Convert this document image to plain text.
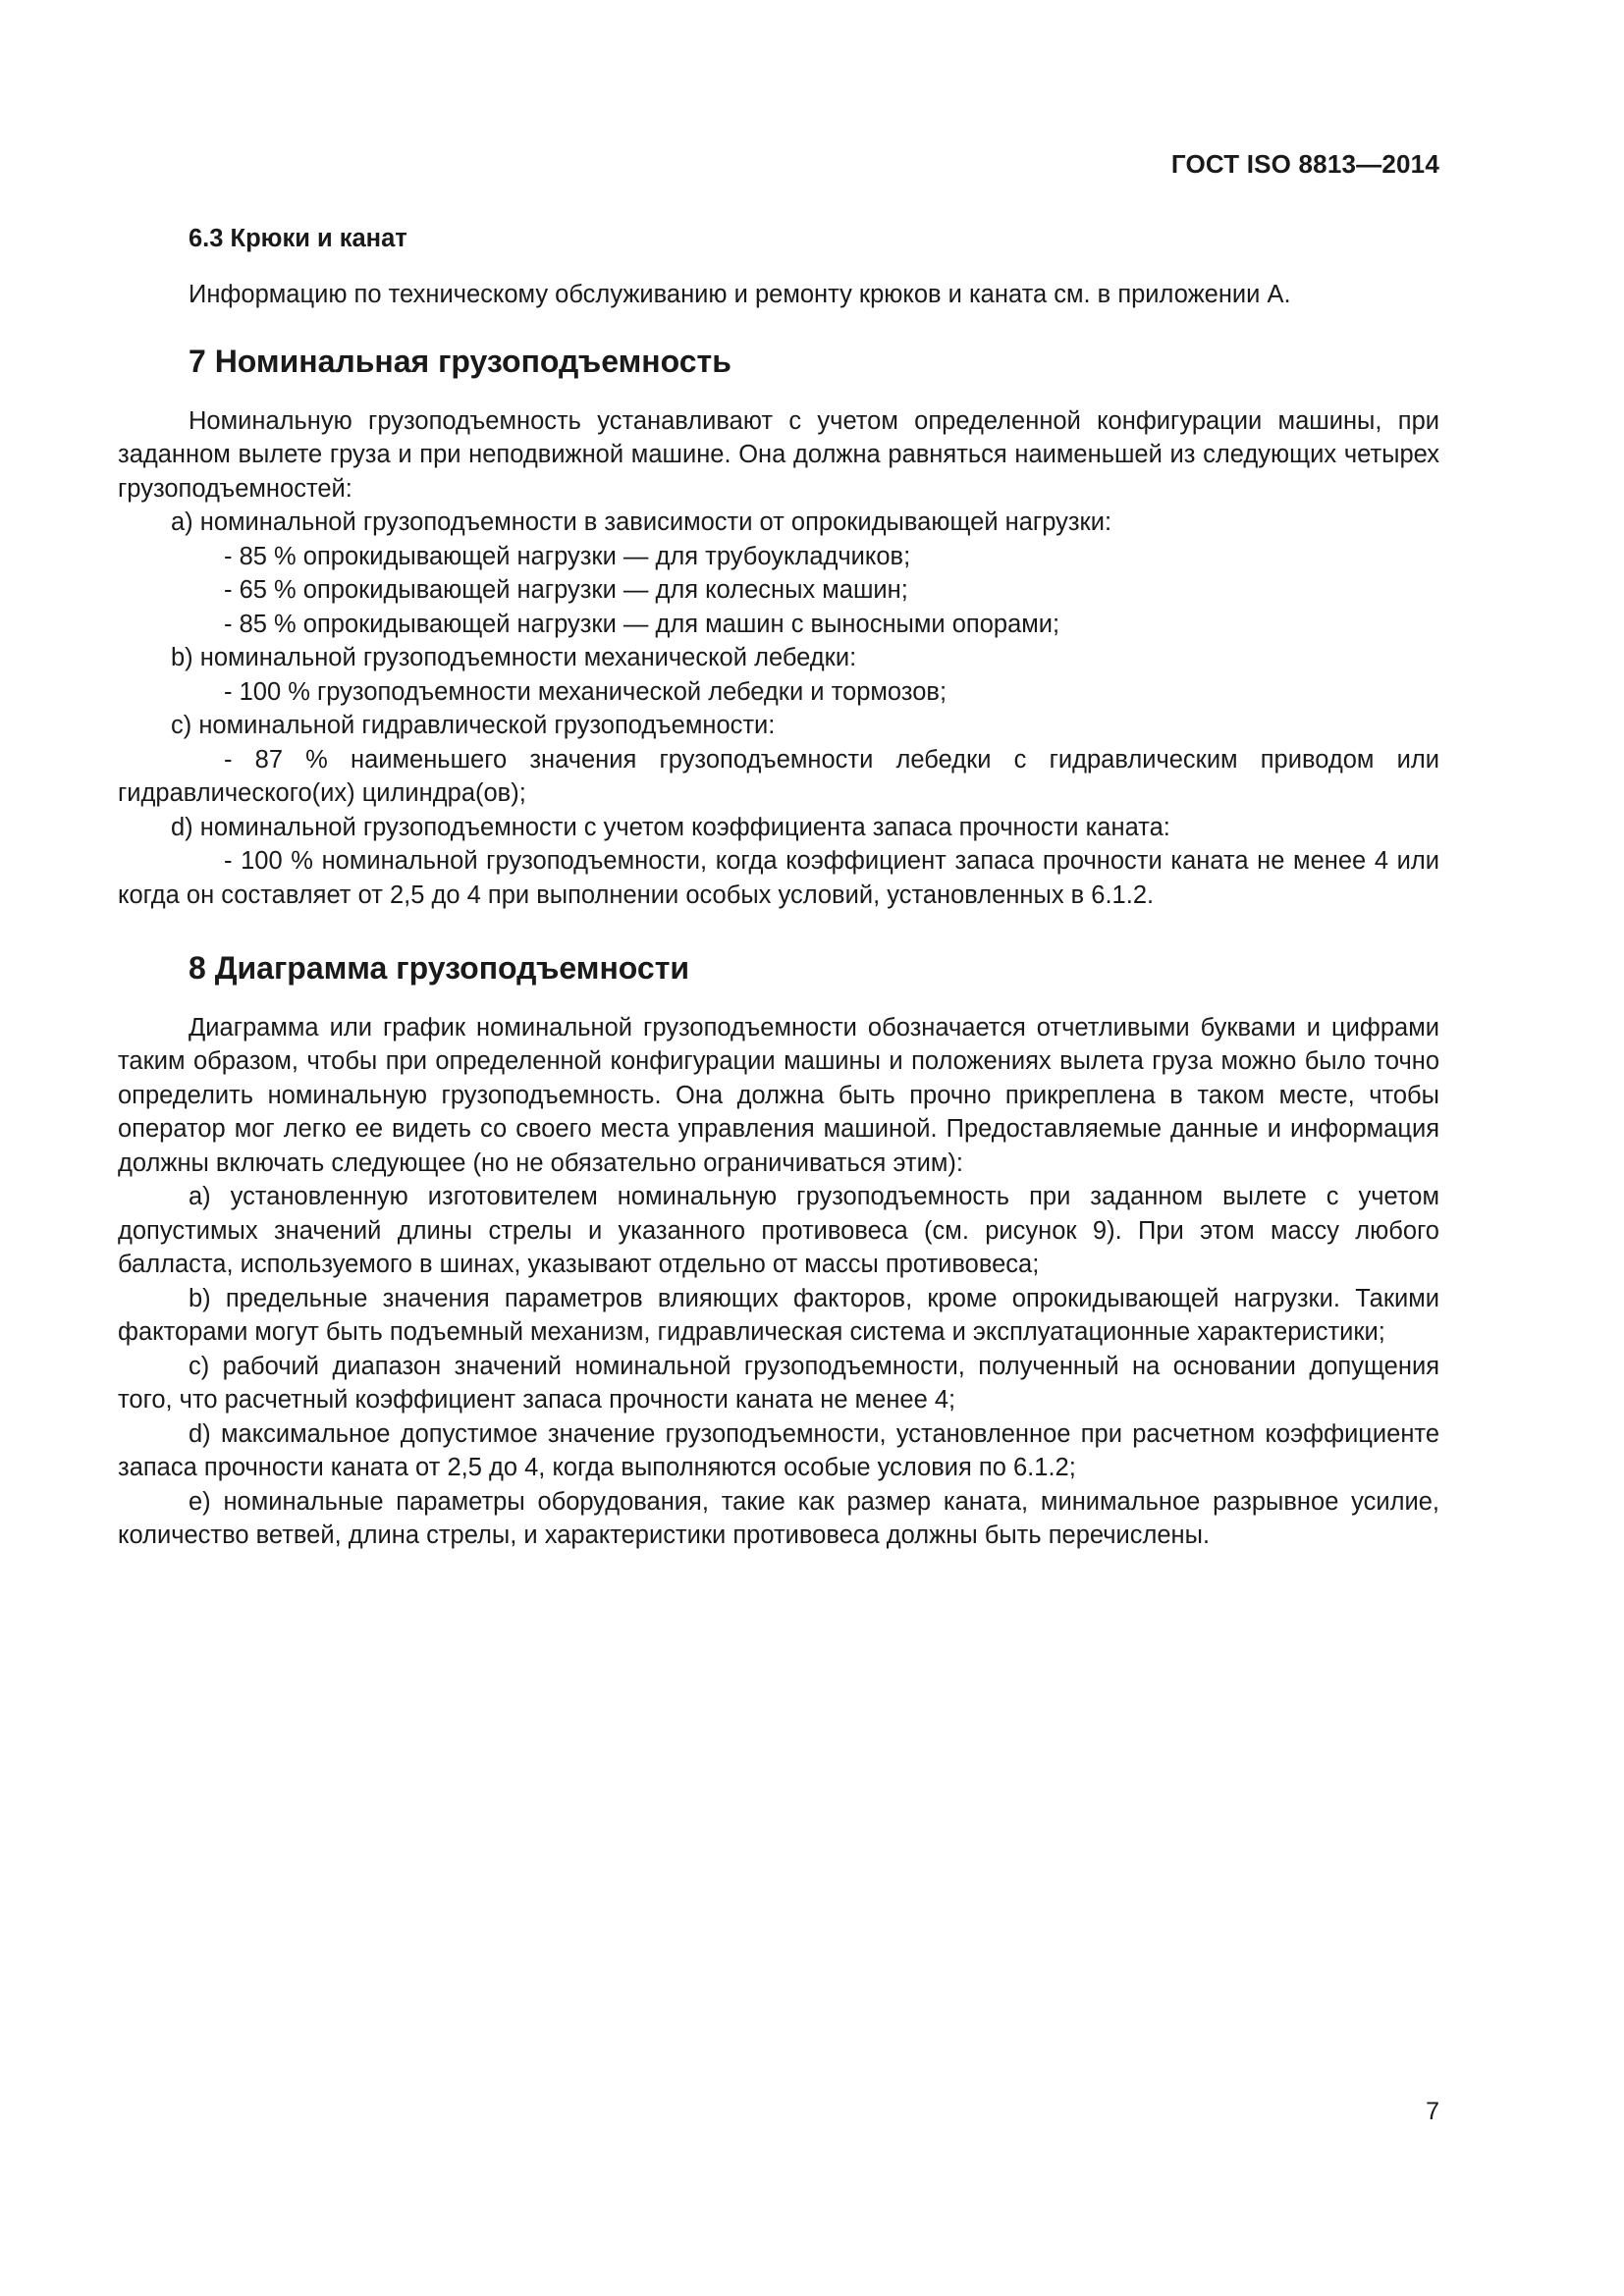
ГОСТ ISO 8813—2014
6.3 Крюки и канат

Информацию по техническому обслуживанию и ремонту крюков и каната см. в приложении А.

7 Номинальная грузоподъемность

Номинальную грузоподъемность устанавливают с учетом определенной конфигурации машины, при заданном вылете груза и при неподвижной машине. Она должна равняться наименьшей из следующих четырех грузоподъемностей:

a) номинальной грузоподъемности в зависимости от опрокидывающей нагрузки:

- 85 % опрокидывающей нагрузки — для трубоукладчиков;

- 65 % опрокидывающей нагрузки — для колесных машин;

- 85 % опрокидывающей нагрузки — для машин с выносными опорами;

b) номинальной грузоподъемности механической лебедки:

- 100 % грузоподъемности механической лебедки и тормозов;

c) номинальной гидравлической грузоподъемности:

- 87 % наименьшего значения грузоподъемности лебедки с гидравлическим приводом или гидравлического(их) цилиндра(ов);

d) номинальной грузоподъемности с учетом коэффициента запаса прочности каната:

- 100 % номинальной грузоподъемности, когда коэффициент запаса прочности каната не менее 4 или когда он составляет от 2,5 до 4 при выполнении особых условий, установленных в 6.1.2.

8 Диаграмма грузоподъемности

Диаграмма или график номинальной грузоподъемности обозначается отчетливыми буквами и цифрами таким образом, чтобы при определенной конфигурации машины и положениях вылета груза можно было точно определить номинальную грузоподъемность. Она должна быть прочно прикреплена в таком месте, чтобы оператор мог легко ее видеть со своего места управления машиной. Предоставляемые данные и информация должны включать следующее (но не обязательно ограничиваться этим):

a) установленную изготовителем номинальную грузоподъемность при заданном вылете с учетом допустимых значений длины стрелы и указанного противовеса (см. рисунок 9). При этом массу любого балласта, используемого в шинах, указывают отдельно от массы противовеса;

b) предельные значения параметров влияющих факторов, кроме опрокидывающей нагрузки. Такими факторами могут быть подъемный механизм, гидравлическая система и эксплуатационные характеристики;

c) рабочий диапазон значений номинальной грузоподъемности, полученный на основании допущения того, что расчетный коэффициент запаса прочности каната не менее 4;

d) максимальное допустимое значение грузоподъемности, установленное при расчетном коэффициенте запаса прочности каната от 2,5 до 4, когда выполняются особые условия по 6.1.2;

e) номинальные параметры оборудования, такие как размер каната, минимальное разрывное усилие, количество ветвей, длина стрелы, и характеристики противовеса должны быть перечислены.

7
